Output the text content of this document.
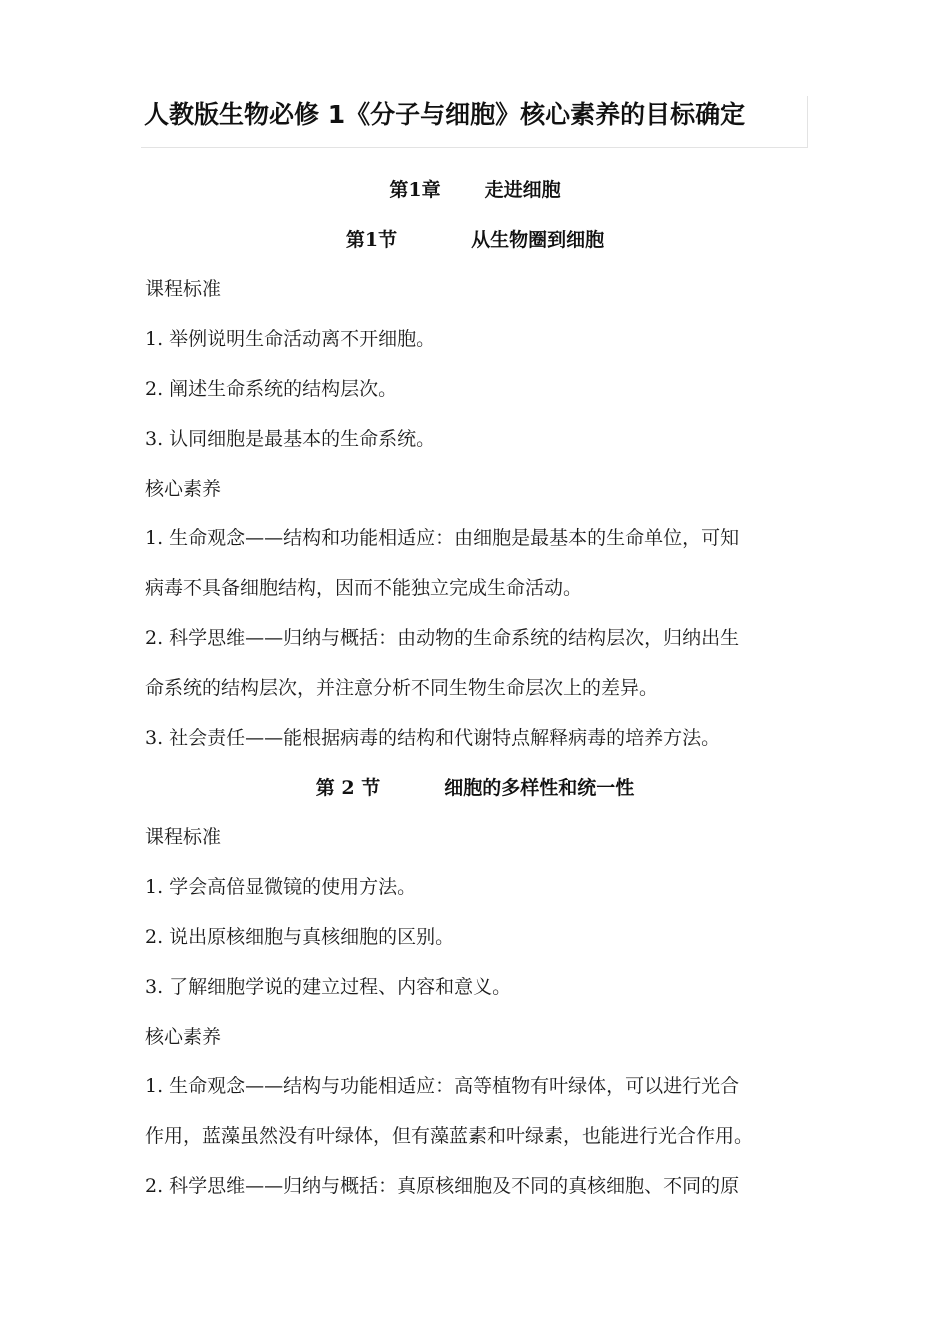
人教版生物必修 1《分子与细胞》核心素养的目标确定
第1章 走进细胞
第1节	从生物圈到细胞

课程标准

1. 举例说明生命活动离不开细胞。

2. 阐述生命系统的结构层次。

3. 认同细胞是最基本的生命系统。

核心素养

1. 生命观念——结构和功能相适应：由细胞是最基本的生命单位，可知

病毒不具备细胞结构，因而不能独立完成生命活动。

2. 科学思维——归纳与概括：由动物的生命系统的结构层次，归纳出生

命系统的结构层次，并注意分析不同生物生命层次上的差异。

3. 社会责任——能根据病毒的结构和代谢特点解释病毒的培养方法。

第 2 节	细胞的多样性和统一性

课程标准

1. 学会高倍显微镜的使用方法。

2. 说出原核细胞与真核细胞的区别。

3. 了解细胞学说的建立过程、内容和意义。

核心素养

1. 生命观念——结构与功能相适应：高等植物有叶绿体，可以进行光合

作用，蓝藻虽然没有叶绿体，但有藻蓝素和叶绿素，也能进行光合作用。

2. 科学思维——归纳与概括：真原核细胞及不同的真核细胞、不同的原
